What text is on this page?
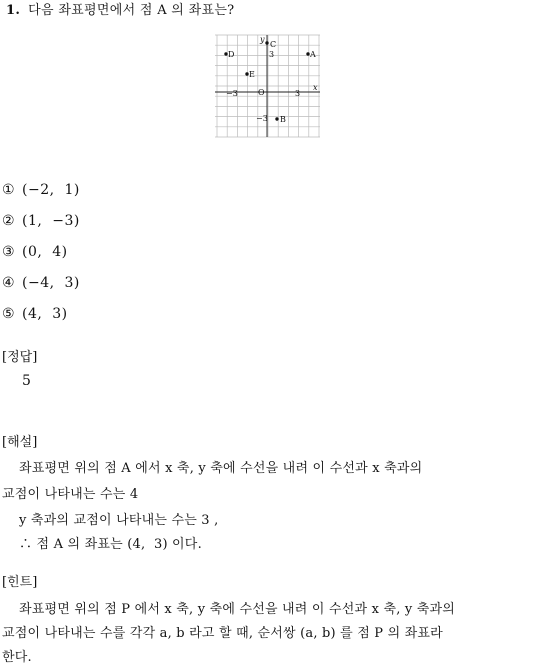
1. 다음 좌표평면에서 점 A 의 좌표는?
A
B
C
D
E
O
x
y
−3	3
3
−3
① (−2,  1)
② (1,  −3)
③ (0,  4)
④ (−4,  3)
⑤ (4,  3)
[정답]
5
[해설]
좌표평면 위의 점 A 에서 x 축, y 축에 수선을 내려 이 수선과 x 축과의
교점이 나타내는 수는 4
y 축과의 교점이 나타내는 수는 3 ,
∴ 점 A 의 좌표는 (4,  3) 이다.
[힌트]
좌표평면 위의 점 P 에서 x 축, y 축에 수선을 내려 이 수선과 x 축, y 축과의
교점이 나타내는 수를 각각 a, b 라고 할 때, 순서쌍 (a, b) 를 점 P 의 좌표라
한다.
